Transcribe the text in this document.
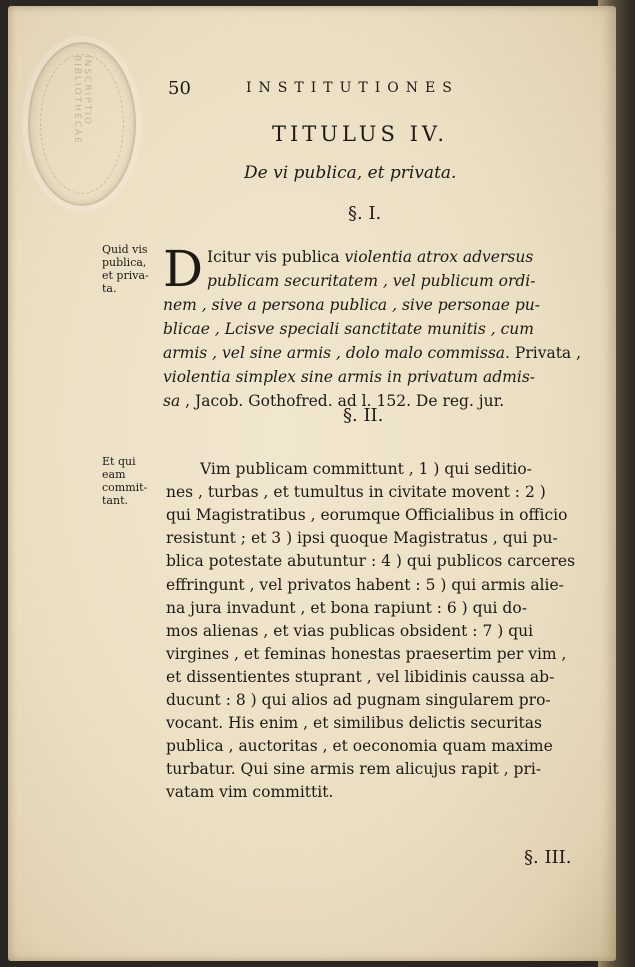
INSCRIPTIO BIBLIOTHECAE	50	INSTITUTIONES
TITULUS IV.
De vi publica, et privata.
§. I.
Quid vis
publica,
et priva-
ta. D Icitur vis publica violentia atrox adversus
publicam securitatem , vel publicum ordi-
nem , sive a persona publica , sive personae pu-
blicae , Lcisve speciali sanctitate munitis , cum
armis , vel sine armis , dolo malo commissa. Privata ,
violentia simplex sine armis in privatum admis-
sa , Jacob. Gothofred. ad l. 152. De reg. jur.
§. II.
Et qui
eam
commit-
tant.
Vim publicam committunt , 1 ) qui seditio-
nes , turbas , et tumultus in civitate movent : 2 )
qui Magistratibus , eorumque Officialibus in officio
resistunt ; et 3 ) ipsi quoque Magistratus , qui pu-
blica potestate abutuntur : 4 ) qui publicos carceres
effringunt , vel privatos habent : 5 ) qui armis alie-
na jura invadunt , et bona rapiunt : 6 ) qui do-
mos alienas , et vias publicas obsident : 7 ) qui
virgines , et feminas honestas praesertim per vim ,
et dissentientes stuprant , vel libidinis caussa ab-
ducunt : 8 ) qui alios ad pugnam singularem pro-
vocant. His enim , et similibus delictis securitas
publica , auctoritas , et oeconomia quam maxime
turbatur. Qui sine armis rem alicujus rapit , pri-
vatam vim committit.
§. III.
